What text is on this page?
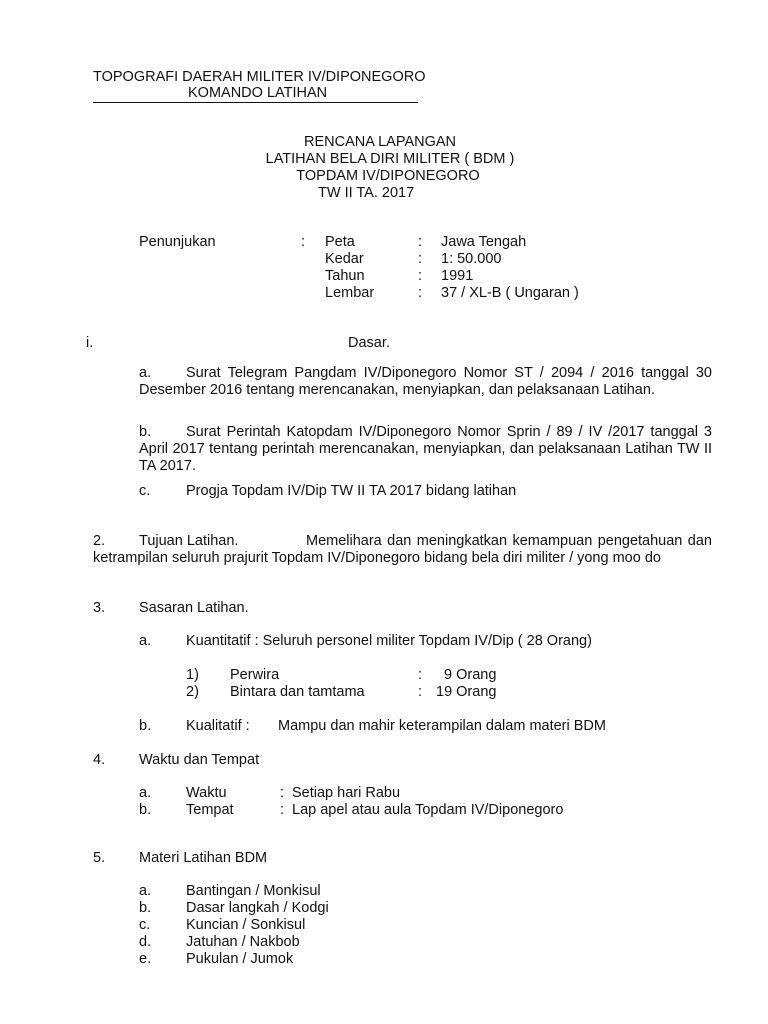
TOPOGRAFI DAERAH MILITER IV/DIPONEGORO
KOMANDO LATIHAN
RENCANA LAPANGAN
LATIHAN BELA DIRI MILITER ( BDM )
TOPDAM IV/DIPONEGORO
TW II TA. 2017
Penunjukan	: Peta	: Jawa Tengah
Kedar	: 1: 50.000
Tahun	: 1991
Lembar	: 37 / XL-B ( Ungaran )
i.	Dasar.
a.	Surat Telegram Pangdam IV/Diponegoro Nomor ST / 2094 / 2016 tanggal 30 Desember 2016 tentang merencanakan, menyiapkan, dan pelaksanaan Latihan.
b.	Surat Perintah Katopdam IV/Diponegoro Nomor Sprin / 89 / IV /2017 tanggal 3 April 2017 tentang perintah merencanakan, menyiapkan, dan pelaksanaan Latihan TW II TA 2017.
c. Progja Topdam IV/Dip TW II TA 2017 bidang latihan
2. Tujuan Latihan.	Memelihara dan meningkatkan kemampuan pengetahuan dan ketrampilan seluruh prajurit Topdam IV/Diponegoro bidang bela diri militer / yong moo do
3. Sasaran Latihan.
a. Kuantitatif : Seluruh personel militer Topdam IV/Dip ( 28 Orang)
1) Perwira	: 9 Orang
2) Bintara dan tamtama	: 19 Orang
b. Kualitatif : Mampu dan mahir keterampilan dalam materi BDM
4. Waktu dan Tempat
a. Waktu	: Setiap hari Rabu
b. Tempat	: Lap apel atau aula Topdam IV/Diponegoro
5. Materi Latihan BDM
a. Bantingan / Monkisul
b. Dasar langkah / Kodgi
c. Kuncian / Sonkisul
d. Jatuhan / Nakbob
e. Pukulan / Jumok
